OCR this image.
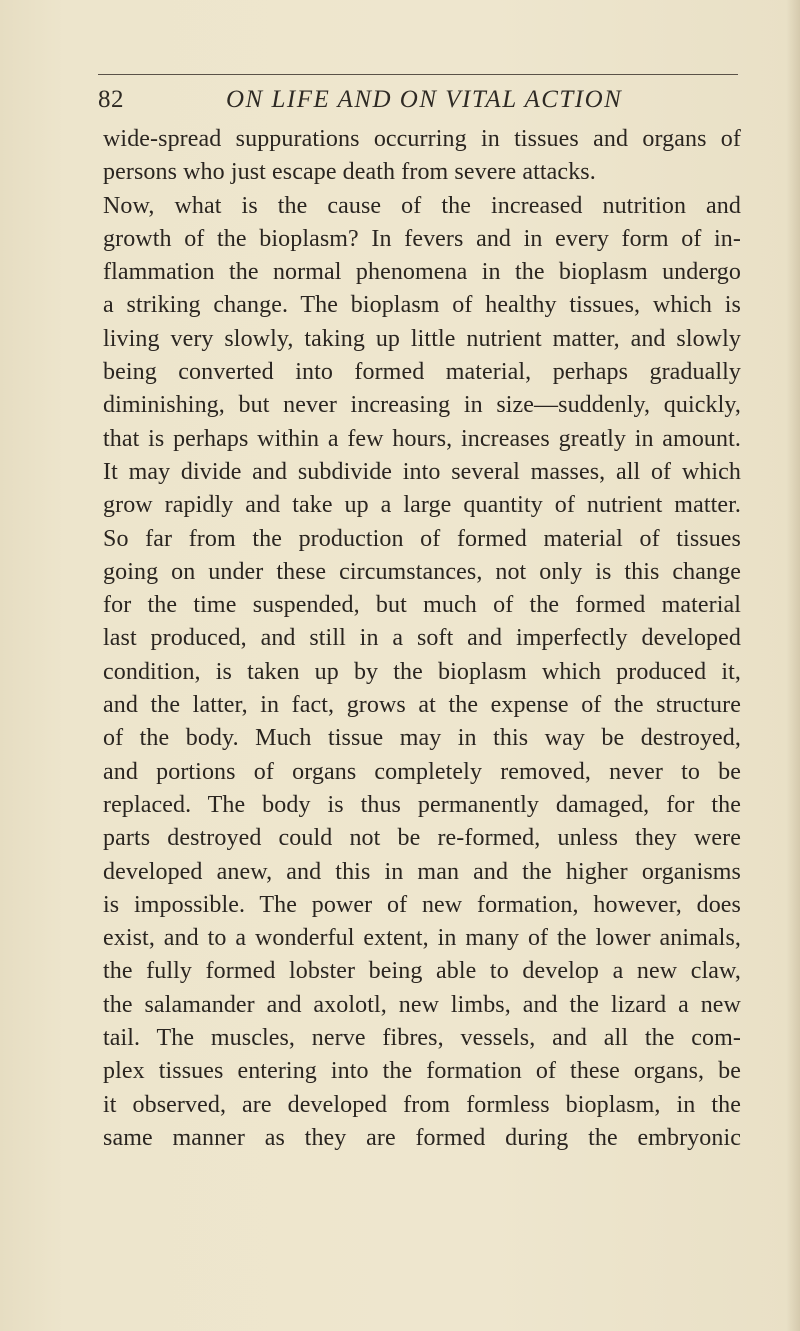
82	ON LIFE AND ON VITAL ACTION
wide-spread suppurations occurring in tissues and organs of
persons who just escape death from severe attacks.
Now, what is the cause of the increased nutrition and
growth of the bioplasm? In fevers and in every form of in-
flammation the normal phenomena in the bioplasm undergo
a striking change. The bioplasm of healthy tissues, which is
living very slowly, taking up little nutrient matter, and slowly
being converted into formed material, perhaps gradually
diminishing, but never increasing in size—suddenly, quickly,
that is perhaps within a few hours, increases greatly in amount.
It may divide and subdivide into several masses, all of which
grow rapidly and take up a large quantity of nutrient matter.
So far from the production of formed material of tissues
going on under these circumstances, not only is this change
for the time suspended, but much of the formed material
last produced, and still in a soft and imperfectly developed
condition, is taken up by the bioplasm which produced it,
and the latter, in fact, grows at the expense of the structure
of the body. Much tissue may in this way be destroyed,
and portions of organs completely removed, never to be
replaced. The body is thus permanently damaged, for the
parts destroyed could not be re-formed, unless they were
developed anew, and this in man and the higher organisms
is impossible. The power of new formation, however, does
exist, and to a wonderful extent, in many of the lower animals,
the fully formed lobster being able to develop a new claw,
the salamander and axolotl, new limbs, and the lizard a new
tail. The muscles, nerve fibres, vessels, and all the com-
plex tissues entering into the formation of these organs, be
it observed, are developed from formless bioplasm, in the
same manner as they are formed during the embryonic
